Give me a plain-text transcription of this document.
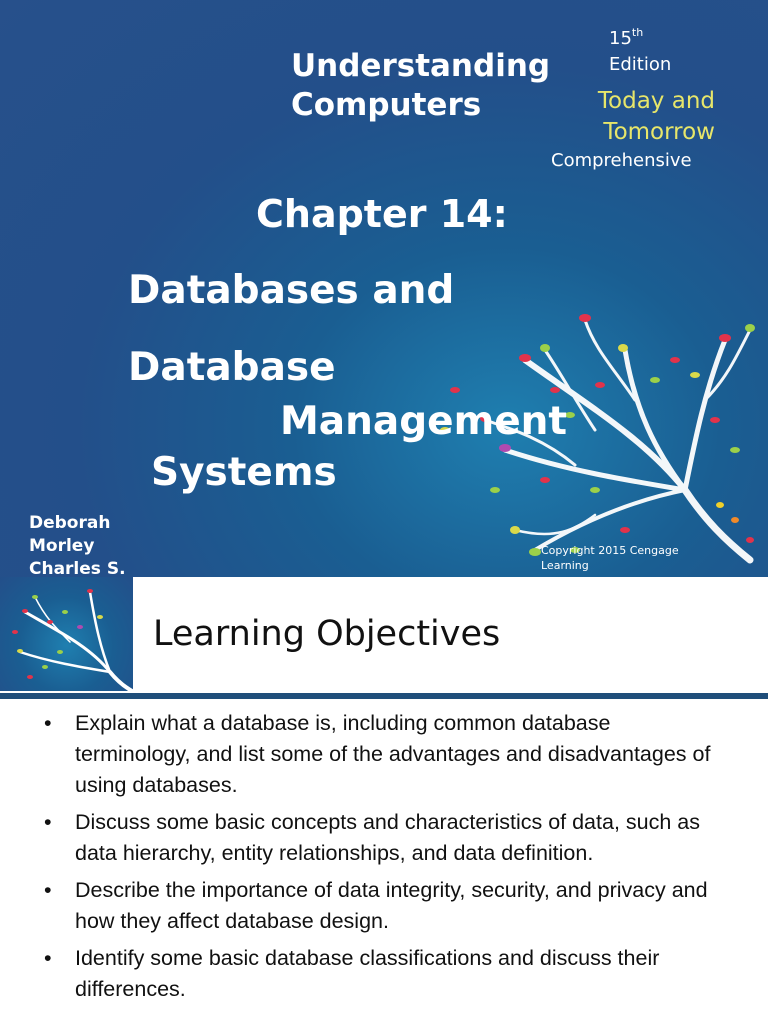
Understanding
Computers
15th
Edition
Today and
Tomorrow
Comprehensive
Chapter 14:
Databases and
Database
Management
Systems
Deborah
Morley
Charles S.
Copyright 2015 Cengage Learning
Learning Objectives
• Explain what a database is, including common database terminology, and list some of the advantages and disadvantages of using databases.
• Discuss some basic concepts and characteristics of data, such as data hierarchy, entity relationships, and data definition.
• Describe the importance of data integrity, security, and privacy and how they affect database design.
• Identify some basic database classifications and discuss their differences.
